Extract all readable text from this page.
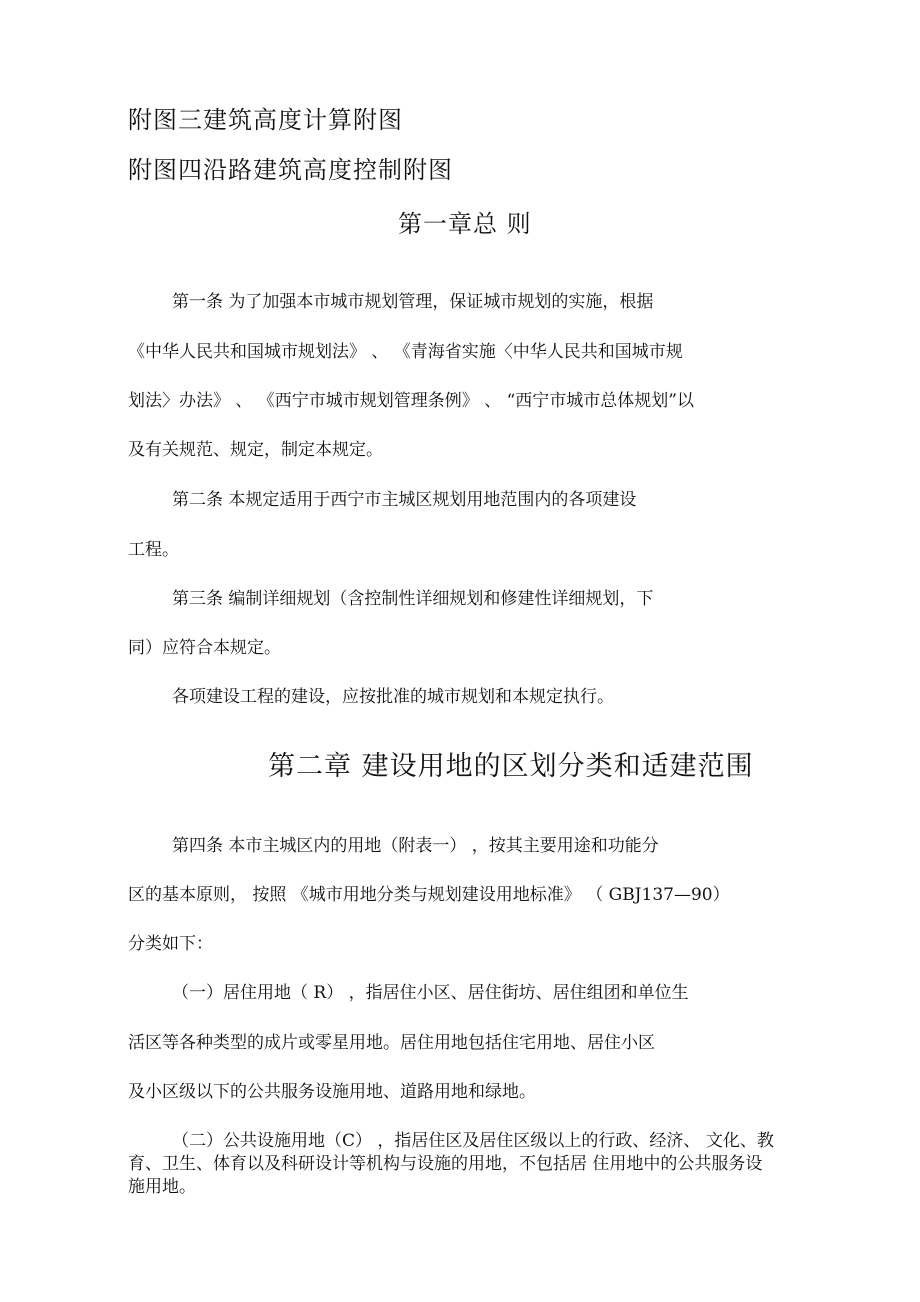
附图三建筑高度计算附图
附图四沿路建筑高度控制附图
第一章总 则
第一条 为了加强本市城市规划管理，保证城市规划的实施，根据
《中华人民共和国城市规划法》 、 《青海省实施〈中华人民共和国城市规
划法〉办法》 、 《西宁市城市规划管理条例》 、 “西宁市城市总体规划”以
及有关规范、规定，制定本规定。
第二条 本规定适用于西宁市主城区规划用地范围内的各项建设
工程。
第三条 编制详细规划（含控制性详细规划和修建性详细规划，下
同）应符合本规定。
各项建设工程的建设，应按批准的城市规划和本规定执行。
第二章 建设用地的区划分类和适建范围
第四条 本市主城区内的用地（附表一） ，按其主要用途和功能分
区的基本原则， 按照 《城市用地分类与规划建设用地标准》 （ GBJ137—90）
分类如下：
（一）居住用地（ R） ，指居住小区、居住街坊、居住组团和单位生
活区等各种类型的成片或零星用地。居住用地包括住宅用地、居住小区
及小区级以下的公共服务设施用地、道路用地和绿地。
（二）公共设施用地（C） ，指居住区及居住区级以上的行政、经济、 文化、教
育、卫生、体育以及科研设计等机构与设施的用地，不包括居 住用地中的公共服务设
施用地。
